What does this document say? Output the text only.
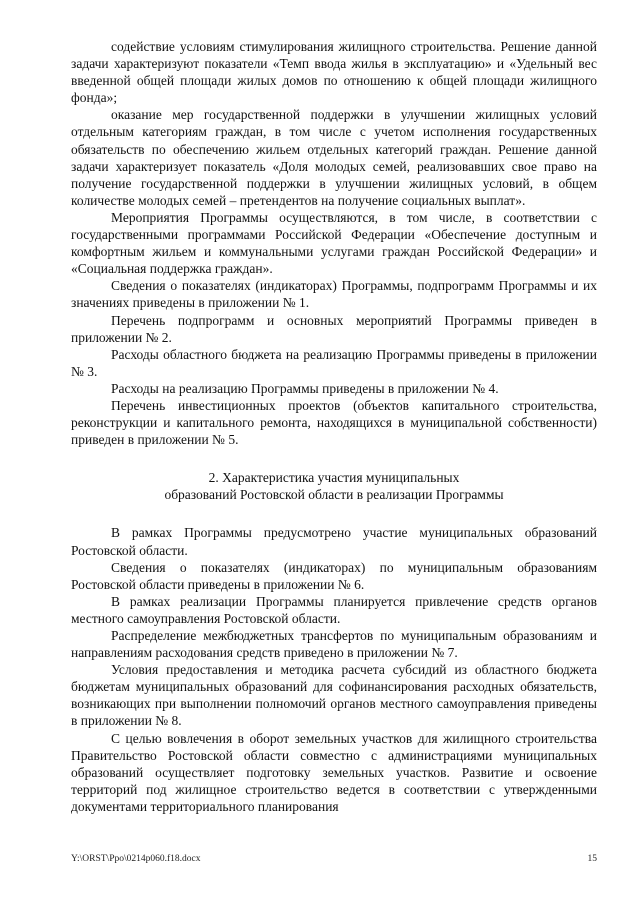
содействие условиям стимулирования жилищного строительства. Решение данной задачи характеризуют показатели «Темп ввода жилья в эксплуатацию» и «Удельный вес введенной общей площади жилых домов по отношению к общей площади жилищного фонда»;

оказание мер государственной поддержки в улучшении жилищных условий отдельным категориям граждан, в том числе с учетом исполнения государственных обязательств по обеспечению жильем отдельных категорий граждан. Решение данной задачи характеризует показатель «Доля молодых семей, реализовавших свое право на получение государственной поддержки в улучшении жилищных условий, в общем количестве молодых семей – претендентов на получение социальных выплат».

Мероприятия Программы осуществляются, в том числе, в соответствии с государственными программами Российской Федерации «Обеспечение доступным и комфортным жильем и коммунальными услугами граждан Российской Федерации» и «Социальная поддержка граждан».

Сведения о показателях (индикаторах) Программы, подпрограмм Программы и их значениях приведены в приложении № 1.

Перечень подпрограмм и основных мероприятий Программы приведен в приложении № 2.

Расходы областного бюджета на реализацию Программы приведены в приложении № 3.

Расходы на реализацию Программы приведены в приложении № 4.

Перечень инвестиционных проектов (объектов капитального строительства, реконструкции и капитального ремонта, находящихся в муниципальной собственности) приведен в приложении № 5.

2. Характеристика участия муниципальных

образований Ростовской области в реализации Программы

В рамках Программы предусмотрено участие муниципальных образований Ростовской области.

Сведения о показателях (индикаторах) по муниципальным образованиям Ростовской области приведены в приложении № 6.

В рамках реализации Программы планируется привлечение средств органов местного самоуправления Ростовской области.

Распределение межбюджетных трансфертов по муниципальным образованиям и направлениям расходования средств приведено в приложении № 7.

Условия предоставления и методика расчета субсидий из областного бюджета бюджетам муниципальных образований для софинансирования расходных обязательств, возникающих при выполнении полномочий органов местного самоуправления приведены в приложении № 8.

С целью вовлечения в оборот земельных участков для жилищного строительства Правительство Ростовской области совместно с администрациями муниципальных образований осуществляет подготовку земельных участков. Развитие и освоение территорий под жилищное строительство ведется в соответствии с утвержденными документами территориального планирования

Y:\ORST\Ppo\0214p060.f18.docx	15
